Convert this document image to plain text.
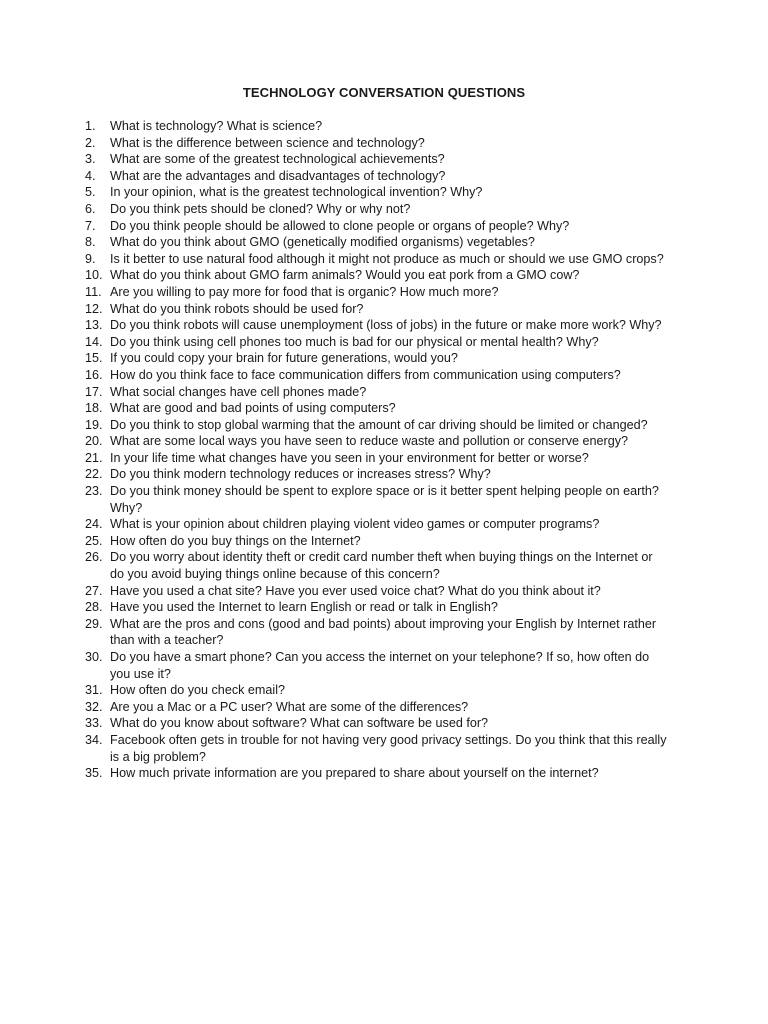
TECHNOLOGY CONVERSATION QUESTIONS
1.	What is technology? What is science?
2.	What is the difference between science and technology?
3.	What are some of the greatest technological achievements?
4.	What are the advantages and disadvantages of technology?
5.	In your opinion, what is the greatest technological invention? Why?
6.	Do you think pets should be cloned? Why or why not?
7.	Do you think people should be allowed to clone people or organs of people? Why?
8.	What do you think about GMO (genetically modified organisms) vegetables?
9.	Is it better to use natural food although it might not produce as much or should we use GMO crops?
10. What do you think about GMO farm animals? Would you eat pork from a GMO cow?
11. Are you willing to pay more for food that is organic? How much more?
12. What do you think robots should be used for?
13. Do you think robots will cause unemployment (loss of jobs) in the future or make more work? Why?
14. Do you think using cell phones too much is bad for our physical or mental health? Why?
15. If you could copy your brain for future generations, would you?
16. How do you think face to face communication differs from communication using computers?
17. What social changes have cell phones made?
18. What are good and bad points of using computers?
19. Do you think to stop global warming that the amount of car driving should be limited or changed?
20. What are some local ways you have seen to reduce waste and pollution or conserve energy?
21. In your life time what changes have you seen in your environment for better or worse?
22. Do you think modern technology reduces or increases stress? Why?
23. Do you think money should be spent to explore space or is it better spent helping people on earth? Why?
24. What is your opinion about children playing violent video games or computer programs?
25. How often do you buy things on the Internet?
26. Do you worry about identity theft or credit card number theft when buying things on the Internet or do you avoid buying things online because of this concern?
27. Have you used a chat site? Have you ever used voice chat? What do you think about it?
28. Have you used the Internet to learn English or read or talk in English?
29. What are the pros and cons (good and bad points) about improving your English by Internet rather than with a teacher?
30. Do you have a smart phone? Can you access the internet on your telephone? If so, how often do you use it?
31. How often do you check email?
32. Are you a Mac or a PC user? What are some of the differences?
33. What do you know about software? What can software be used for?
34. Facebook often gets in trouble for not having very good privacy settings. Do you think that this really is a big problem?
35. How much private information are you prepared to share about yourself on the internet?
